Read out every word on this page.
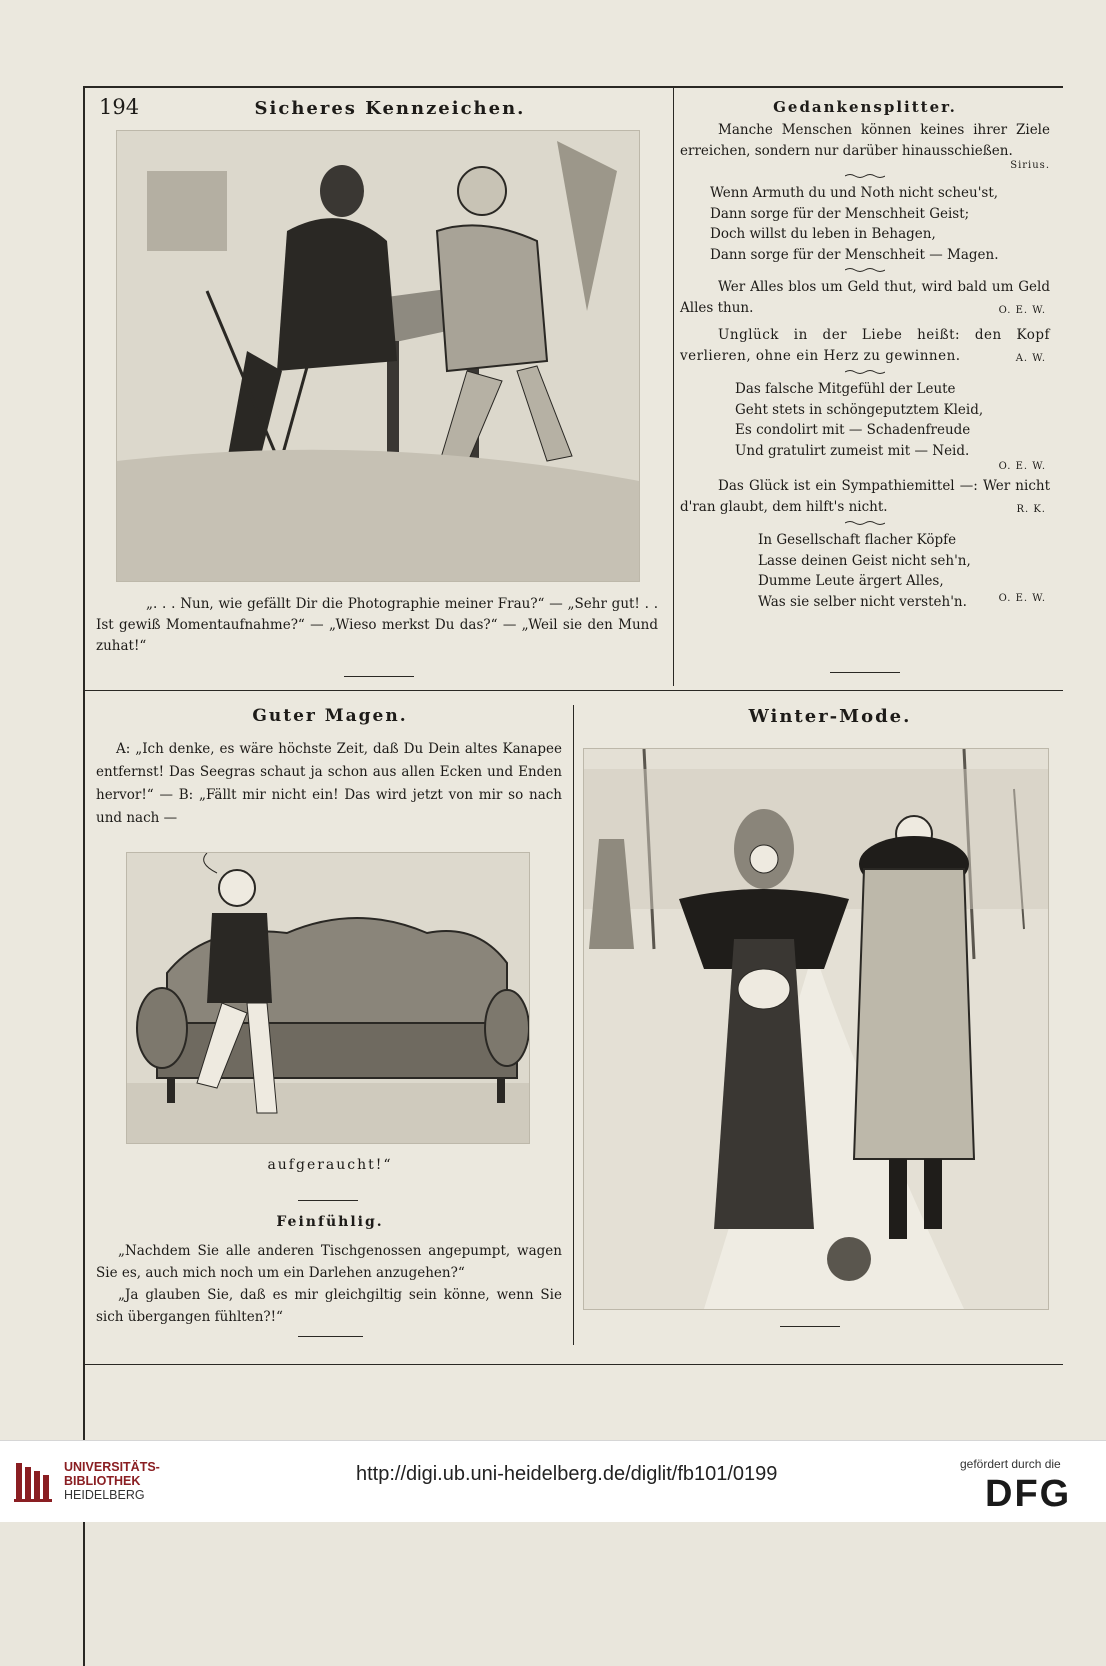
194	Sicheres Kennzeichen.
„. . . Nun, wie gefällt Dir die Photographie meiner Frau?“ — „Sehr gut! . . Ist gewiß Momentaufnahme?“ — „Wieso merkst Du das?“ — „Weil sie den Mund zuhat!“
Gedankensplitter.
Manche Menschen können keines ihrer Ziele erreichen, sondern nur darüber hinausschießen.
Sirius.
Wenn Armuth du und Noth nicht scheu'st,
Dann sorge für der Menschheit Geist;
Doch willst du leben in Behagen,
Dann sorge für der Menschheit — Magen.
Wer Alles blos um Geld thut, wird bald um Geld Alles thun.	O. E. W.
Unglück in der Liebe heißt: den Kopf verlieren, ohne ein Herz zu gewinnen.	A. W.
Das falsche Mitgefühl der Leute
Geht stets in schöngeputztem Kleid,
Es condolirt mit — Schadenfreude
Und gratulirt zumeist mit — Neid.
O. E. W.
Das Glück ist ein Sympathiemittel —: Wer nicht d'ran glaubt, dem hilft's nicht.	R. K.
In Gesellschaft flacher Köpfe
Lasse deinen Geist nicht seh'n,
Dumme Leute ärgert Alles,
Was sie selber nicht versteh'n.	O. E. W.
Guter Magen.
A: „Ich denke, es wäre höchste Zeit, daß Du Dein altes Kanapee entfernst! Das Seegras schaut ja schon aus allen Ecken und Enden hervor!“ — B: „Fällt mir nicht ein! Das wird jetzt von mir so nach und nach —
aufgeraucht!“
Feinfühlig.
„Nachdem Sie alle anderen Tischgenossen angepumpt, wagen Sie es, auch mich noch um ein Darlehen anzugehen?“
„Ja glauben Sie, daß es mir gleichgiltig sein könne, wenn Sie sich übergangen fühlten?!“
Winter-Mode.
UNIVERSITÄTS-
BIBLIOTHEK
HEIDELBERG
http://digi.ub.uni-heidelberg.de/diglit/fb101/0199	gefördert durch die
DFG
